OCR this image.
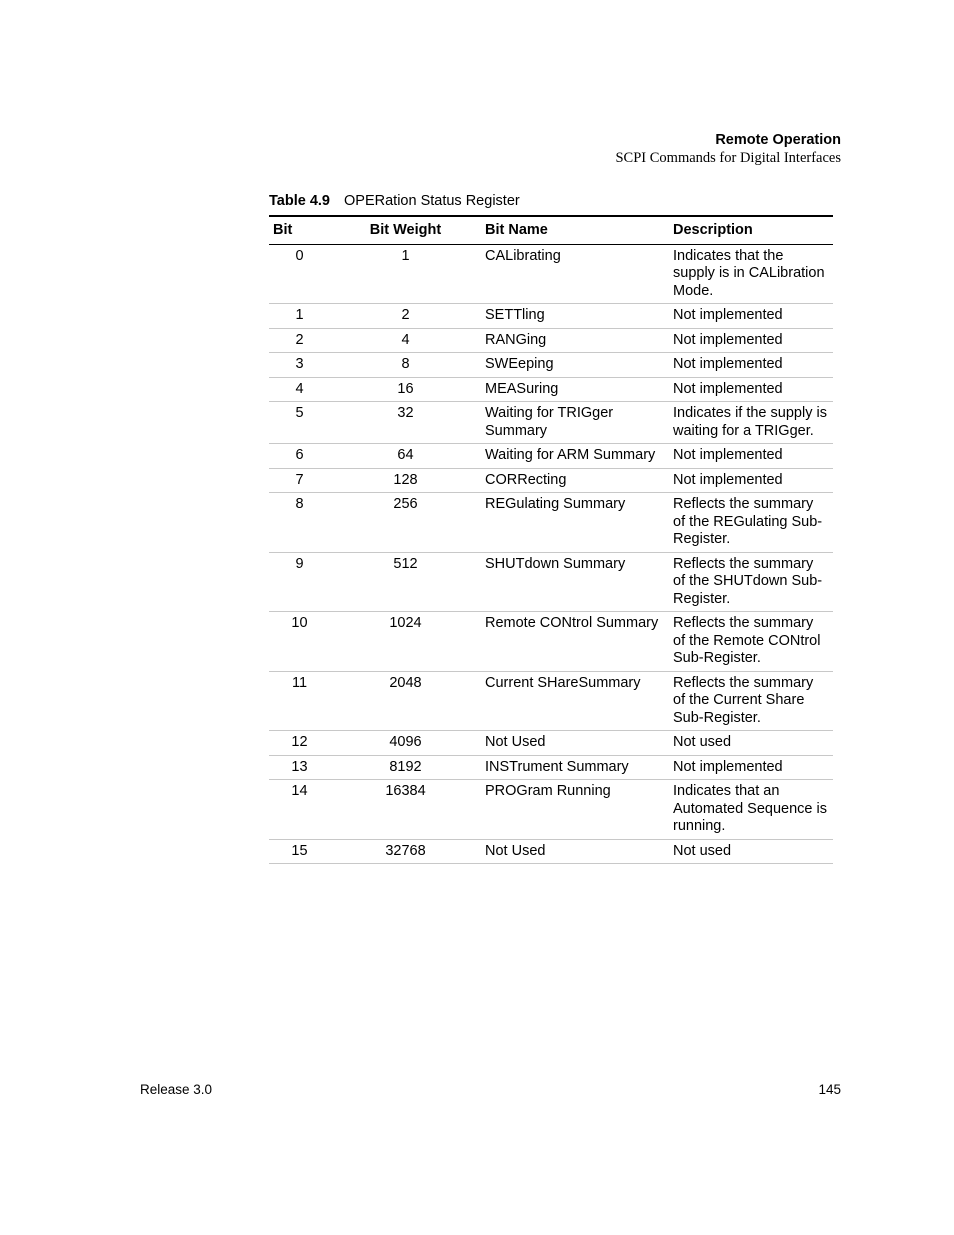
Remote Operation
SCPI Commands for Digital Interfaces
Table 4.9 OPERation Status Register
Bit	Bit Weight	Bit Name	Description
0	1	CALibrating	Indicates that the supply is in CALibration Mode.
1	2	SETTling	Not implemented
2	4	RANGing	Not implemented
3	8	SWEeping	Not implemented
4	16	MEASuring	Not implemented
5	32	Waiting for TRIGger Summary	Indicates if the supply is waiting for a TRIGger.
6	64	Waiting for ARM Summary	Not implemented
7	128	CORRecting	Not implemented
8	256	REGulating Summary	Reflects the summary of the REGulating Sub-Register.
9	512	SHUTdown Summary	Reflects the summary of the SHUTdown Sub-Register.
10	1024	Remote CONtrol Summary	Reflects the summary of the Remote CONtrol Sub-Register.
11	2048	Current SHareSummary	Reflects the summary of the Current Share Sub-Register.
12	4096	Not Used	Not used
13	8192	INSTrument Summary	Not implemented
14	16384	PROGram Running	Indicates that an Automated Sequence is running.
15	32768	Not Used	Not used
Release 3.0	145
